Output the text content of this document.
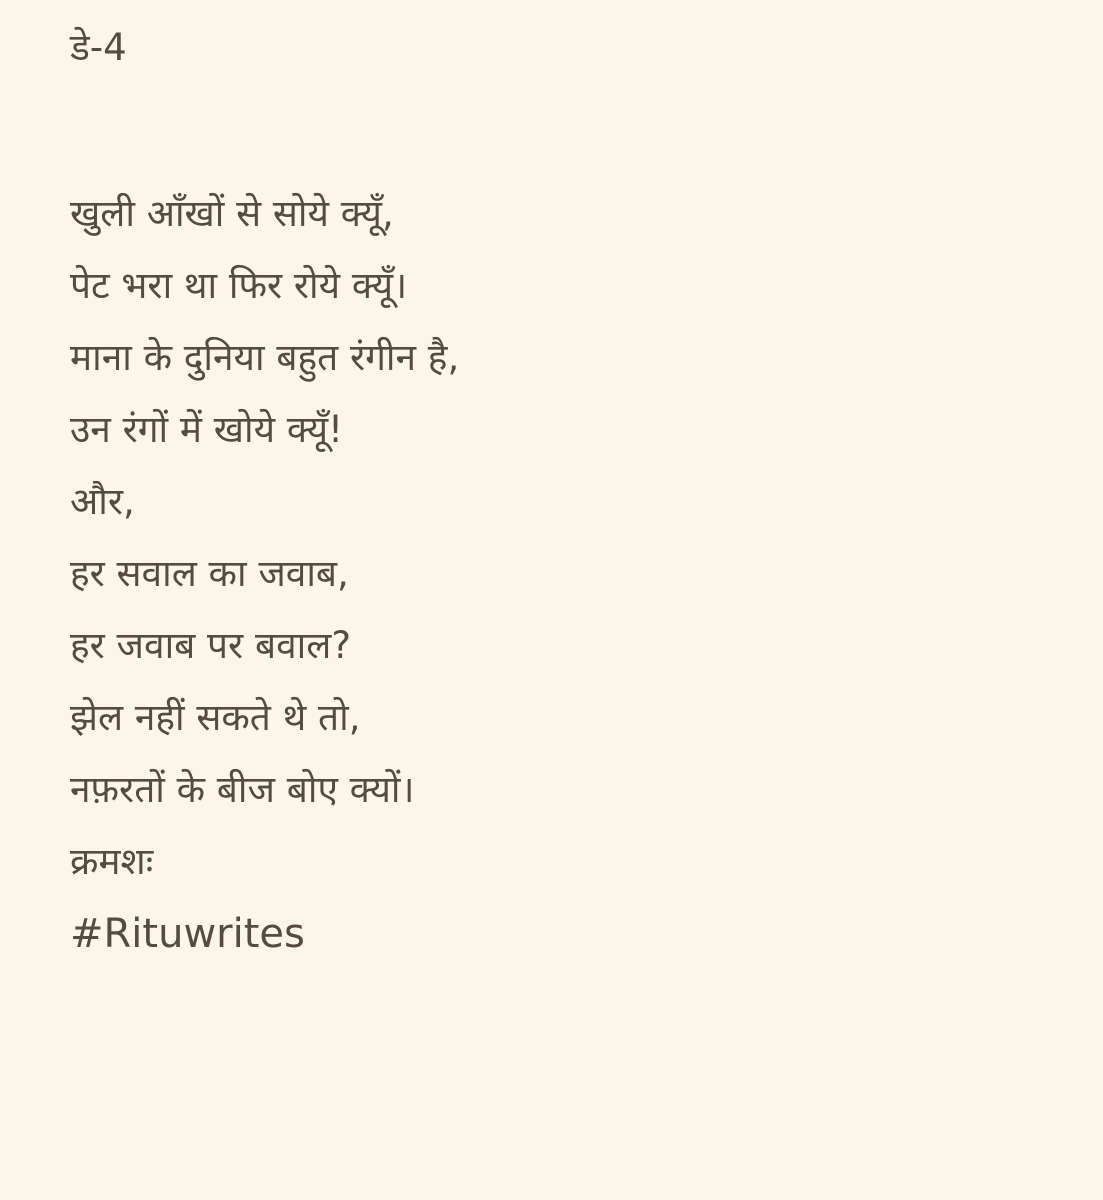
डे-4
खुली आँखों से सोये क्यूँ,
पेट भरा था फिर रोये क्यूँ।
माना के दुनिया बहुत रंगीन है,
उन रंगों में खोये क्यूँ!
और,
हर सवाल का जवाब,
हर जवाब पर बवाल?
झेल नहीं सकते थे तो,
नफ़रतों के बीज बोए क्यों।
क्रमशः
#Rituwrites
